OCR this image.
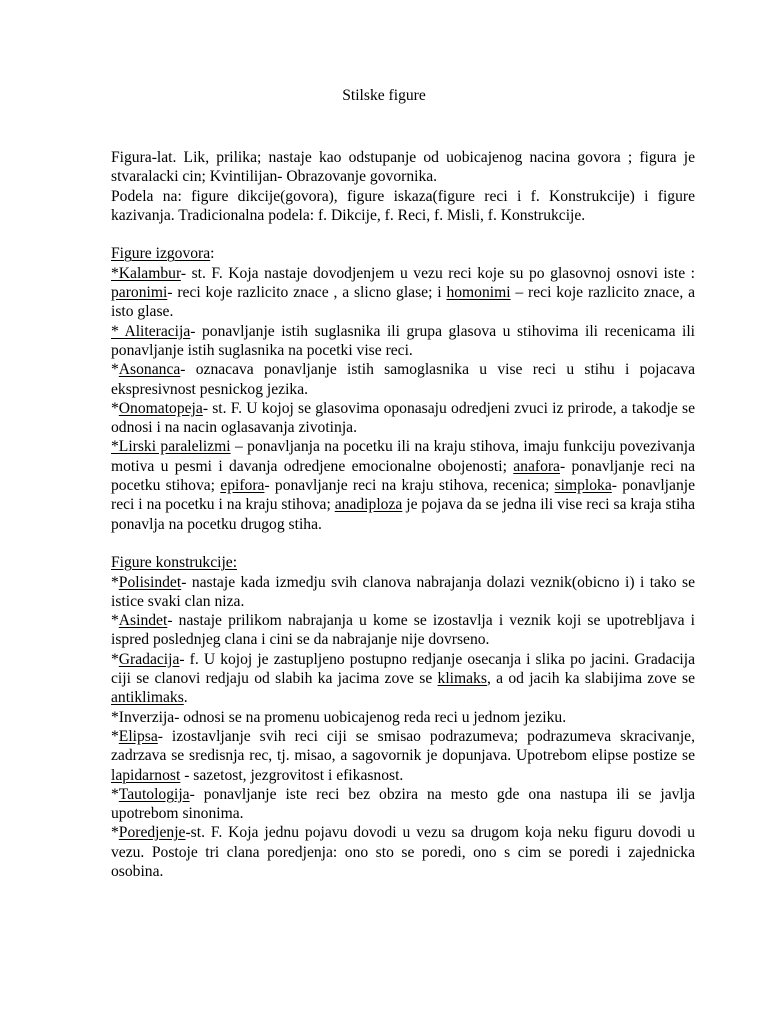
Stilske figure

Figura-lat. Lik, prilika; nastaje kao odstupanje od uobicajenog nacina govora ; figura je stvaralacki cin; Kvintilijan- Obrazovanje govornika.

Podela na: figure dikcije(govora), figure iskaza(figure reci i f. Konstrukcije) i figure kazivanja. Tradicionalna podela: f. Dikcije, f. Reci, f. Misli, f. Konstrukcije.

Figure izgovora:

*Kalambur- st. F. Koja nastaje dovodjenjem u vezu reci koje su po glasovnoj osnovi iste : paronimi- reci koje razlicito znace , a slicno glase; i homonimi – reci koje razlicito znace, a isto glase.

* Aliteracija- ponavljanje istih suglasnika ili grupa glasova u stihovima ili recenicama ili ponavljanje istih suglasnika na pocetki vise reci.

*Asonanca- oznacava ponavljanje istih samoglasnika u vise reci u stihu i pojacava ekspresivnost pesnickog jezika.

*Onomatopeja- st. F. U kojoj se glasovima oponasaju odredjeni zvuci iz prirode, a takodje se odnosi i na nacin oglasavanja zivotinja.

*Lirski paralelizmi – ponavljanja na pocetku ili na kraju stihova, imaju funkciju povezivanja motiva u pesmi i davanja odredjene emocionalne obojenosti; anafora- ponavljanje reci na pocetku stihova; epifora- ponavljanje reci na kraju stihova, recenica; simploka- ponavljanje reci i na pocetku i na kraju stihova; anadiploza je pojava da se jedna ili vise reci sa kraja stiha ponavlja na pocetku drugog stiha.

Figure konstrukcije:

*Polisindet- nastaje kada izmedju svih clanova nabrajanja dolazi veznik(obicno i) i tako se istice svaki clan niza.

*Asindet- nastaje prilikom nabrajanja u kome se izostavlja i veznik koji se upotrebljava i ispred poslednjeg clana i cini se da nabrajanje nije dovrseno.

*Gradacija- f. U kojoj je zastupljeno postupno redjanje osecanja i slika po jacini. Gradacija ciji se clanovi redjaju od slabih ka jacima zove se klimaks, a od jacih ka slabijima zove se antiklimaks.

*Inverzija- odnosi se na promenu uobicajenog reda reci u jednom jeziku.

*Elipsa- izostavljanje svih reci ciji se smisao podrazumeva; podrazumeva skracivanje, zadrzava se sredisnja rec, tj. misao, a sagovornik je dopunjava. Upotrebom elipse postize se lapidarnost - sazetost, jezgrovitost i efikasnost.

*Tautologija- ponavljanje iste reci bez obzira na mesto gde ona nastupa ili se javlja upotrebom sinonima.

*Poredjenje-st. F. Koja jednu pojavu dovodi u vezu sa drugom koja neku figuru dovodi u vezu. Postoje tri clana poredjenja: ono sto se poredi, ono s cim se poredi i zajednicka osobina.
